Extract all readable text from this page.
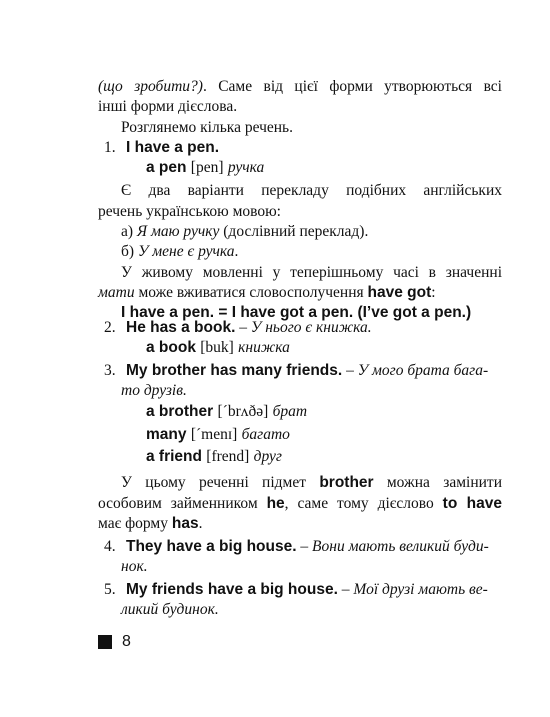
(що зробити?). Саме від цієї форми утворюються всі
інші форми дієслова.
Розглянемо кілька речень.
1. I have a pen.
a pen [pen] ручка
Є два варіанти перекладу подібних англійських
речень українською мовою:
а) Я маю ручку (дослівний переклад).
б) У мене є ручка.
У живому мовленні у теперішньому часі в значенні
мати може вживатися словосполучення have got:
I have a pen. = I have got a pen. (I’ve got a pen.)
2. He has a book. – У нього є книжка.
a book [buk] книжка
3. My brother has many friends. – У мого брата бага-
то друзів.
a brother [´brʌðə] брат
many [´menɪ] багато
a friend [frend] друг
У цьому реченні підмет brother можна замінити
особовим займенником he, саме тому дієслово to have
має форму has.
4. They have a big house. – Вони мають великий буди-
нок.
5. My friends have a big house. – Мої друзі мають ве-
ликий будинок.
8
